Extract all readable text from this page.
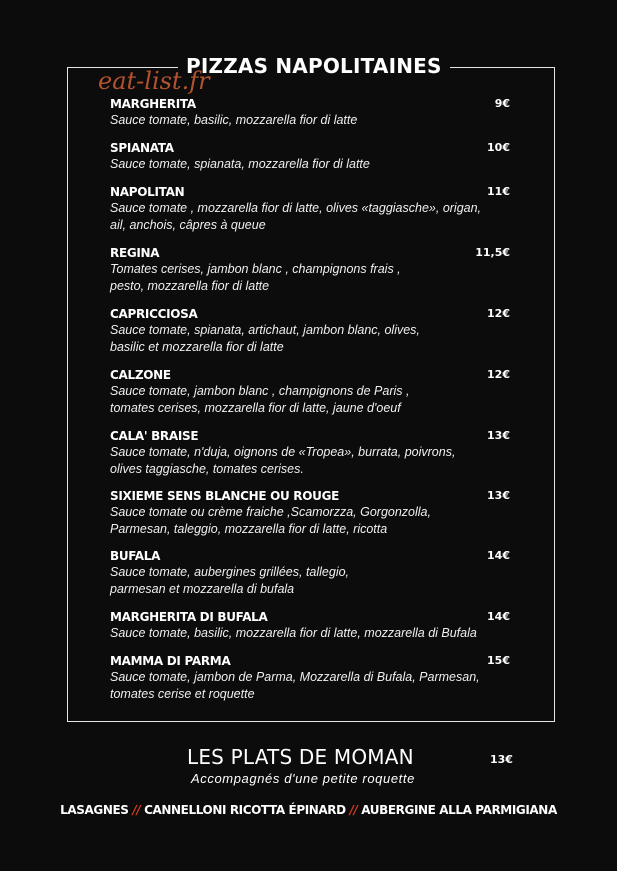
PIZZAS NAPOLITAINES
MARGHERITA	9€
Sauce tomate, basilic, mozzarella fior di latte
SPIANATA	10€
Sauce tomate, spianata, mozzarella fior di latte
NAPOLITAN	11€
Sauce tomate , mozzarella fior di latte, olives «taggiasche», origan,
ail, anchois, câpres à queue
REGINA	11,5€
Tomates cerises, jambon blanc , champignons frais ,
pesto, mozzarella fior di latte
CAPRICCIOSA	12€
Sauce tomate, spianata, artichaut, jambon blanc, olives,
basilic et mozzarella fior di latte
CALZONE	12€
Sauce tomate, jambon blanc , champignons de Paris ,
tomates cerises, mozzarella fior di latte, jaune d'oeuf
CALA' BRAISE	13€
Sauce tomate, n'duja, oignons de «Tropea», burrata, poivrons,
olives taggiasche, tomates cerises.
SIXIEME SENS BLANCHE OU ROUGE	13€
Sauce tomate ou crème fraiche ,Scamorzza, Gorgonzolla,
Parmesan, taleggio, mozzarella fior di latte, ricotta
BUFALA	14€
Sauce tomate, aubergines grillées, tallegio,
parmesan et mozzarella di bufala
MARGHERITA DI BUFALA	14€
Sauce tomate, basilic, mozzarella fior di latte, mozzarella di Bufala
MAMMA DI PARMA	15€
Sauce tomate, jambon de Parma, Mozzarella di Bufala, Parmesan,
tomates cerise et roquette
eat-list.fr
LES PLATS DE MOMAN	13€
Accompagnés d'une petite roquette
LASAGNES // CANNELLONI RICOTTA ÉPINARD // AUBERGINE ALLA PARMIGIANA
